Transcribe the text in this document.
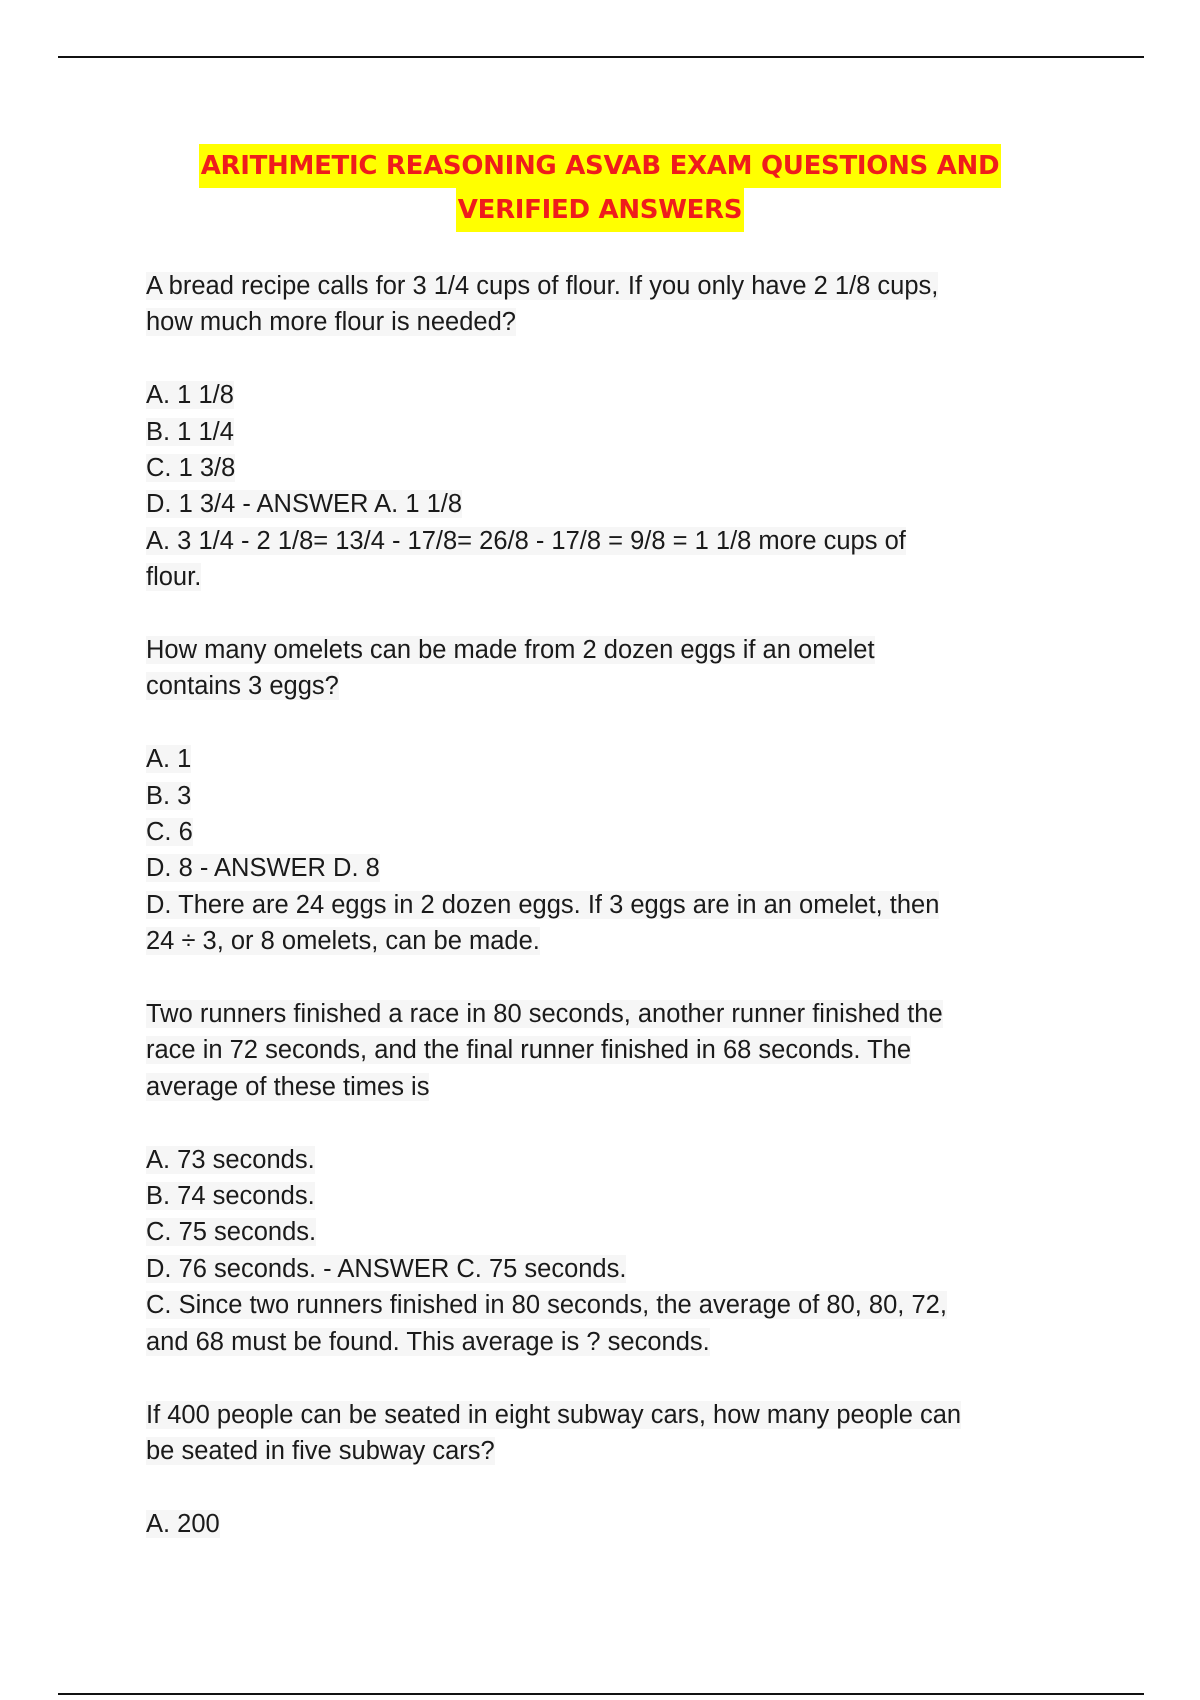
ARITHMETIC REASONING ASVAB EXAM QUESTIONS AND
VERIFIED ANSWERS
A bread recipe calls for 3 1/4 cups of flour. If you only have 2 1/8 cups,
how much more flour is needed?
A. 1 1/8
B. 1 1/4
C. 1 3/8
D. 1 3/4 - ANSWER A. 1 1/8
A. 3 1/4 - 2 1/8= 13/4 - 17/8= 26/8 - 17/8 = 9/8 = 1 1/8 more cups of
flour.
How many omelets can be made from 2 dozen eggs if an omelet
contains 3 eggs?
A. 1
B. 3
C. 6
D. 8 - ANSWER D. 8
D. There are 24 eggs in 2 dozen eggs. If 3 eggs are in an omelet, then
24 ÷ 3, or 8 omelets, can be made.
Two runners finished a race in 80 seconds, another runner finished the
race in 72 seconds, and the final runner finished in 68 seconds. The
average of these times is
A. 73 seconds.
B. 74 seconds.
C. 75 seconds.
D. 76 seconds. - ANSWER C. 75 seconds.
C. Since two runners finished in 80 seconds, the average of 80, 80, 72,
and 68 must be found. This average is ? seconds.
If 400 people can be seated in eight subway cars, how many people can
be seated in five subway cars?
A. 200
